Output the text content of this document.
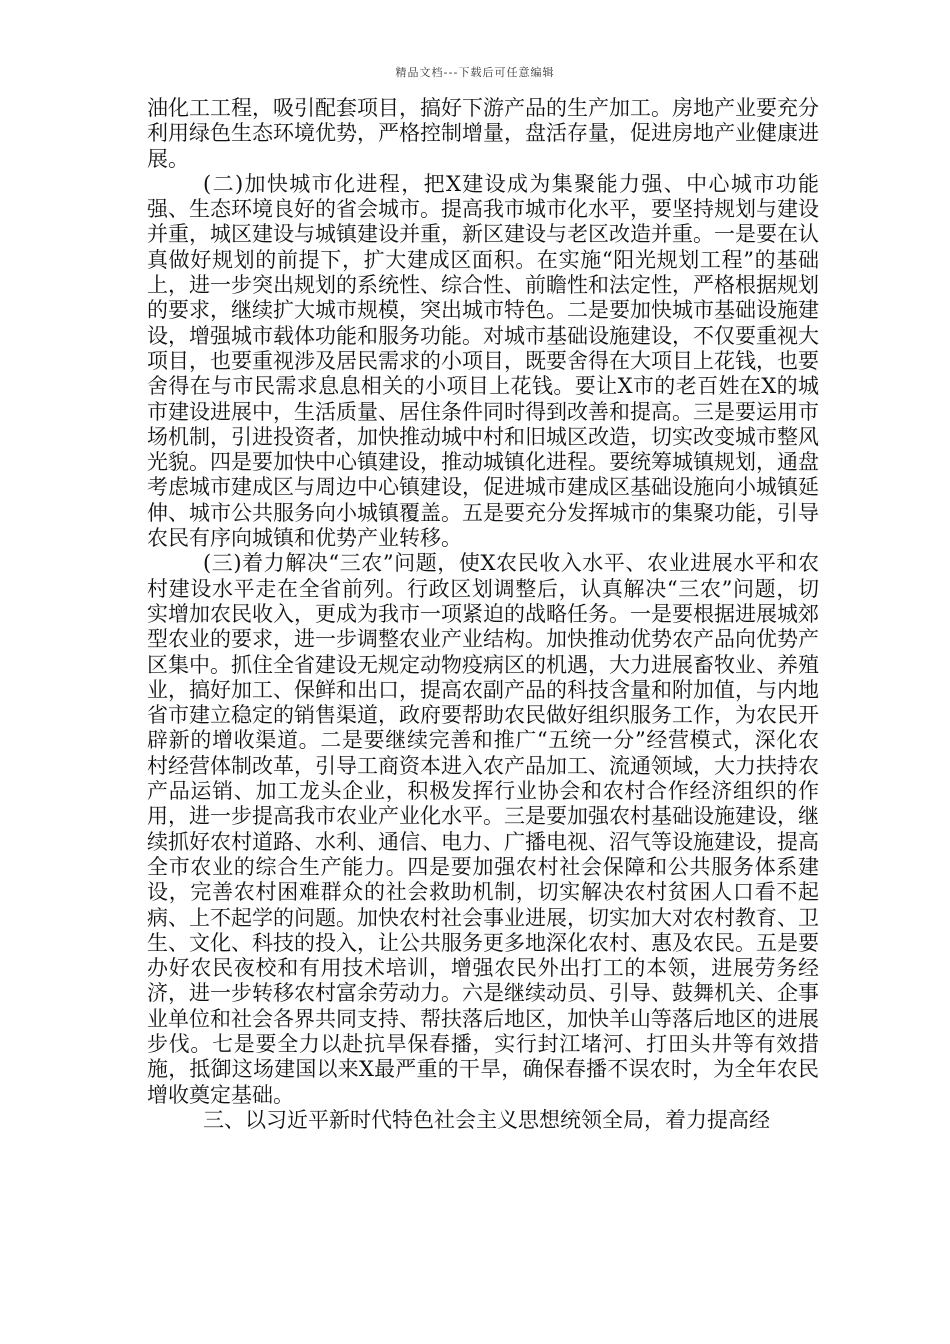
精品文档---下载后可任意编辑

油化工工程，吸引配套项目，搞好下游产品的生产加工。房地产业要充分利用绿色生态环境优势，严格控制增量，盘活存量，促进房地产业健康进展。

(二)加快城市化进程，把X建设成为集聚能力强、中心城市功能强、生态环境良好的省会城市。提高我市城市化水平，要坚持规划与建设并重，城区建设与城镇建设并重，新区建设与老区改造并重。一是要在认真做好规划的前提下，扩大建成区面积。在实施“阳光规划工程”的基础上，进一步突出规划的系统性、综合性、前瞻性和法定性，严格根据规划的要求，继续扩大城市规模，突出城市特色。二是要加快城市基础设施建设，增强城市载体功能和服务功能。对城市基础设施建设，不仅要重视大项目，也要重视涉及居民需求的小项目，既要舍得在大项目上花钱，也要舍得在与市民需求息息相关的小项目上花钱。要让X市的老百姓在X的城市建设进展中，生活质量、居住条件同时得到改善和提高。三是要运用市场机制，引进投资者，加快推动城中村和旧城区改造，切实改变城市整风光貌。四是要加快中心镇建设，推动城镇化进程。要统筹城镇规划，通盘考虑城市建成区与周边中心镇建设，促进城市建成区基础设施向小城镇延伸、城市公共服务向小城镇覆盖。五是要充分发挥城市的集聚功能，引导农民有序向城镇和优势产业转移。

(三)着力解决“三农”问题，使X农民收入水平、农业进展水平和农村建设水平走在全省前列。行政区划调整后，认真解决“三农”问题，切实增加农民收入，更成为我市一项紧迫的战略任务。一是要根据进展城郊型农业的要求，进一步调整农业产业结构。加快推动优势农产品向优势产区集中。抓住全省建设无规定动物疫病区的机遇，大力进展畜牧业、养殖业，搞好加工、保鲜和出口，提高农副产品的科技含量和附加值，与内地省市建立稳定的销售渠道，政府要帮助农民做好组织服务工作，为农民开辟新的增收渠道。二是要继续完善和推广“五统一分”经营模式，深化农村经营体制改革，引导工商资本进入农产品加工、流通领域，大力扶持农产品运销、加工龙头企业，积极发挥行业协会和农村合作经济组织的作用，进一步提高我市农业产业化水平。三是要加强农村基础设施建设，继续抓好农村道路、水利、通信、电力、广播电视、沼气等设施建设，提高全市农业的综合生产能力。四是要加强农村社会保障和公共服务体系建设，完善农村困难群众的社会救助机制，切实解决农村贫困人口看不起病、上不起学的问题。加快农村社会事业进展，切实加大对农村教育、卫生、文化、科技的投入，让公共服务更多地深化农村、惠及农民。五是要办好农民夜校和有用技术培训，增强农民外出打工的本领，进展劳务经济，进一步转移农村富余劳动力。六是继续动员、引导、鼓舞机关、企事业单位和社会各界共同支持、帮扶落后地区，加快羊山等落后地区的进展步伐。七是要全力以赴抗旱保春播，实行封江堵河、打田头井等有效措施，抵御这场建国以来X最严重的干旱，确保春播不误农时，为全年农民增收奠定基础。

三、以习近平新时代特色社会主义思想统领全局，着力提高经
